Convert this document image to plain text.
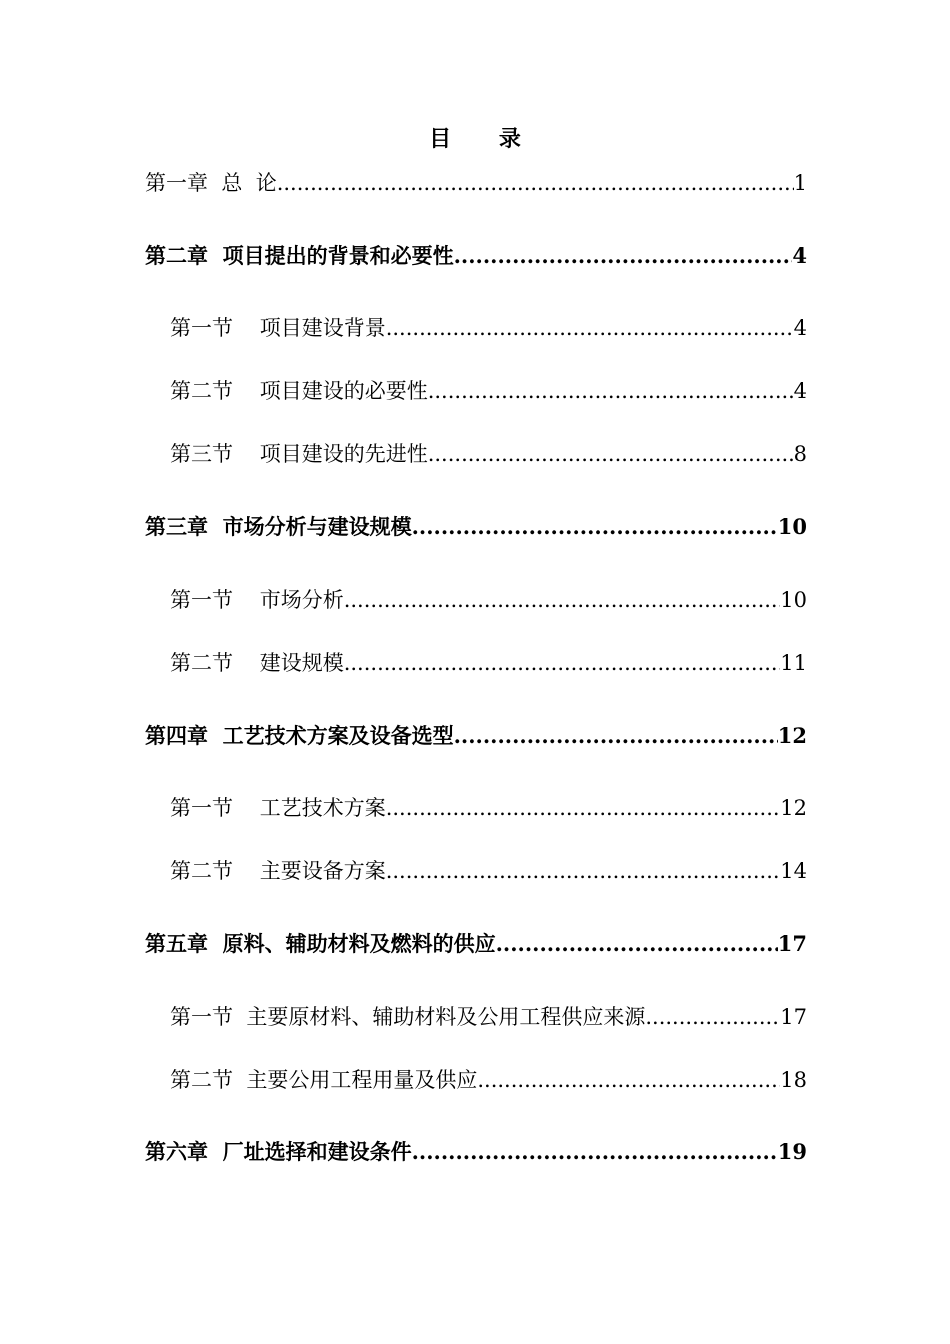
目 录
第一章  总  论 .....	1
第二章  项目提出的背景和必要性 .....	4
第一节    项目建设背景 .....	4
第二节    项目建设的必要性 .....	4
第三节    项目建设的先进性 .....	8
第三章  市场分析与建设规模 .....	10
第一节    市场分析 .....	10
第二节    建设规模 .....	11
第四章  工艺技术方案及设备选型 .....	12
第一节    工艺技术方案 .....	12
第二节    主要设备方案 .....	14
第五章  原料、辅助材料及燃料的供应 .....	17
第一节  主要原材料、辅助材料及公用工程供应来源 .....	17
第二节  主要公用工程用量及供应 .....	18
第六章  厂址选择和建设条件 .....	19
